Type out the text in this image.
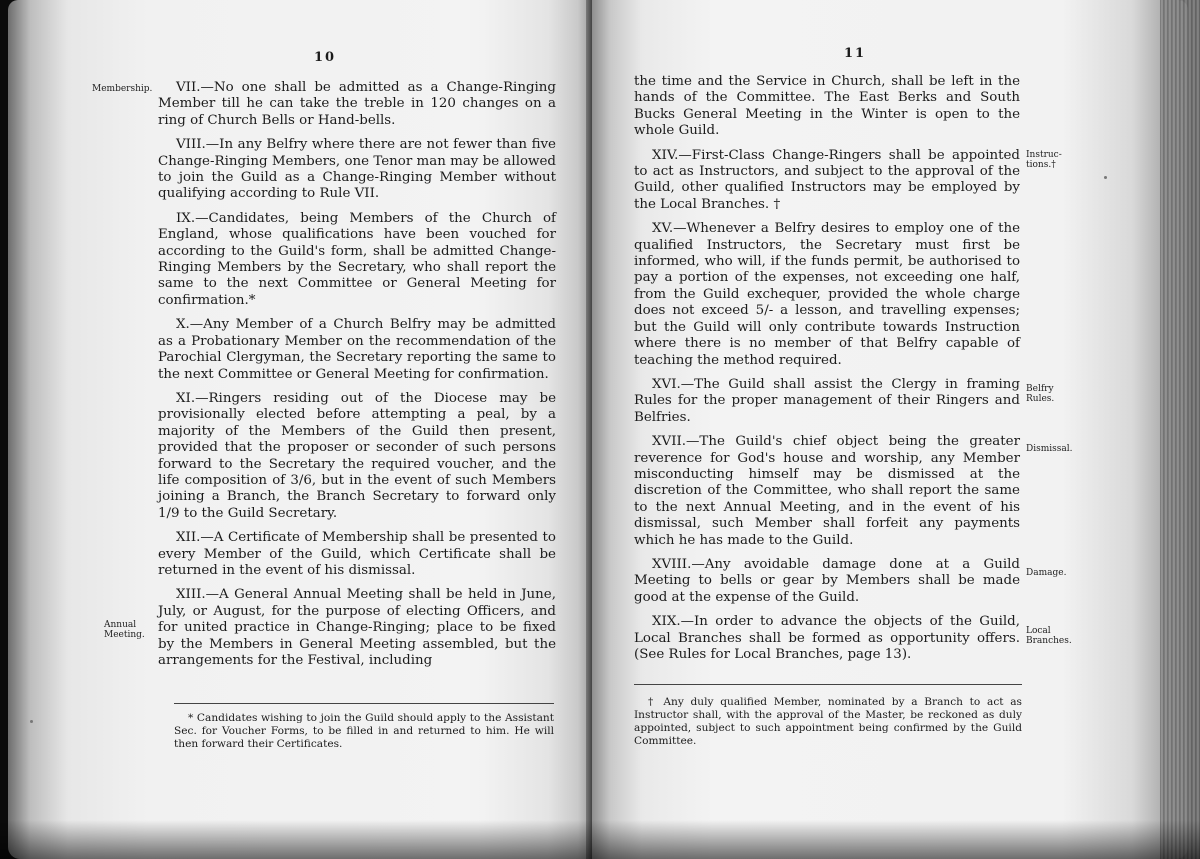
10
Membership.
Annual Meeting.

VII.—No one shall be admitted as a Change-Ringing Member till he can take the treble in 120 changes on a ring of Church Bells or Hand-bells.

VIII.—In any Belfry where there are not fewer than five Change-Ringing Members, one Tenor man may be allowed to join the Guild as a Change-Ringing Member without qualifying according to Rule VII.

IX.—Candidates, being Members of the Church of England, whose qualifications have been vouched for according to the Guild's form, shall be admitted Change-Ringing Members by the Secretary, who shall report the same to the next Committee or General Meeting for confirmation.*

X.—Any Member of a Church Belfry may be admitted as a Probationary Member on the recommendation of the Parochial Clergyman, the Secretary reporting the same to the next Committee or General Meeting for confirmation.

XI.—Ringers residing out of the Diocese may be provisionally elected before attempting a peal, by a majority of the Members of the Guild then present, provided that the proposer or seconder of such persons forward to the Secretary the required voucher, and the life composition of 3/6, but in the event of such Members joining a Branch, the Branch Secretary to forward only 1/9 to the Guild Secretary.

XII.—A Certificate of Membership shall be presented to every Member of the Guild, which Certificate shall be returned in the event of his dismissal.

XIII.—A General Annual Meeting shall be held in June, July, or August, for the purpose of electing Officers, and for united practice in Change-Ringing; place to be fixed by the Members in General Meeting assembled, but the arrangements for the Festival, including

* Candidates wishing to join the Guild should apply to the Assistant Sec. for Voucher Forms, to be filled in and returned to him. He will then forward their Certificates.

11
Instruc-tions.†
Belfry Rules.
Dismissal.
Damage.
Local Branches.

the time and the Service in Church, shall be left in the hands of the Committee. The East Berks and South Bucks General Meeting in the Winter is open to the whole Guild.

XIV.—First-Class Change-Ringers shall be appointed to act as Instructors, and subject to the approval of the Guild, other qualified Instructors may be employed by the Local Branches. †

XV.—Whenever a Belfry desires to employ one of the qualified Instructors, the Secretary must first be informed, who will, if the funds permit, be authorised to pay a portion of the expenses, not exceeding one half, from the Guild exchequer, provided the whole charge does not exceed 5/- a lesson, and travelling expenses; but the Guild will only contribute towards Instruction where there is no member of that Belfry capable of teaching the method required.

XVI.—The Guild shall assist the Clergy in framing Rules for the proper management of their Ringers and Belfries.

XVII.—The Guild's chief object being the greater reverence for God's house and worship, any Member misconducting himself may be dismissed at the discretion of the Committee, who shall report the same to the next Annual Meeting, and in the event of his dismissal, such Member shall forfeit any payments which he has made to the Guild.

XVIII.—Any avoidable damage done at a Guild Meeting to bells or gear by Members shall be made good at the expense of the Guild.

XIX.—In order to advance the objects of the Guild, Local Branches shall be formed as opportunity offers. (See Rules for Local Branches, page 13).

† Any duly qualified Member, nominated by a Branch to act as Instructor shall, with the approval of the Master, be reckoned as duly appointed, subject to such appointment being confirmed by the Guild Committee.
